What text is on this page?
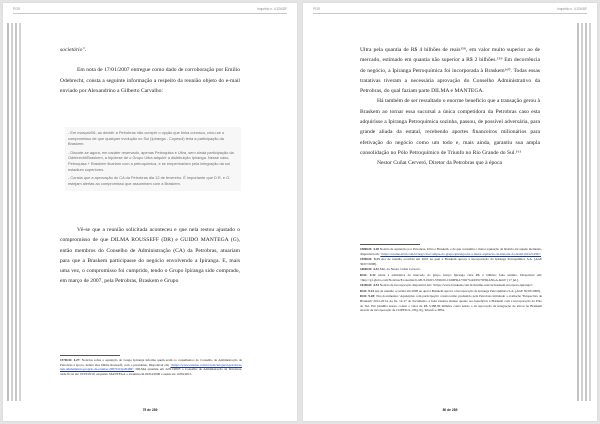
PGR	Inquérito n. 4.326/DF

societário".

Em nota de 17/01/2007 entregue como dado de corroboração por Emílio Odebrecht, consta a seguinte informação a respeito da reunião objeto do e-mail enviado por Alexandrino a Gilberto Carvalho:

- Em marços/06, ao decidir a Petrobras não cumprir o opção que tinha conosco, criou-se o compromisso de que qualquer evolução no Sul (Ipiranga - Copesul) teria a participação da Braskem.

- Discute-se agora, em caráter reservado, apenas Petroquisa e Ultra, sem ainda participação da Odebrecht/Braskem, a hipótese de o Grupo Ultra adquirir a distribuição Ipiranga. Nesse caso, Petroquisa + Braskem ficariam com a petroquímica, e se empenhariam pela integração da sul estadium superiores.

- Consta que a aprovação do CA da Petrobras dia 12 de fevereiro. É importante que D.R. e G. estejam alertas ao compromisso que assumiram com a Braskem.

Vê-se que a reunião solicitada aconteceu e que nela restou ajustado o compromisso de que DILMA ROUSSEFF (DR) e GUIDO MANTEGA (G), então membros do Conselho de Administração (CA) da Petrobras, atuariam para que a Braskem participasse do negócio envolvendo a Ipiranga. E, mais uma vez, o compromisso foi cumprido, tendo o Grupo Ipiranga sido comprado, em março de 2007, pela Petrobras, Braskem e Grupo

157DOC 4.27: Notícias sobre a aquisição do Grupo Ipiranga informa quem eram os conselheiros do Conselho de Administração da Petrobras à época, dentre eles Dilma Rousseff, com o presidente, Disponível em: <https://www.estadao.com.br/noticias/geral,petrobras-tem-alinhamento-proprio-da-reuniao,20070110p20469> DILMA assumiu em 22/01/2003 o Conselho de Administração da Petrobras, onde ficou até 19/03/2010, enquanto MANTEGA o assumiu em 09/04/2006 e assim até 14/09/2015.

75 de 289
PGR	Inquérito n. 4.326/DF

Ultra pela quantia de R$ 4 bilhões de reais¹⁵⁸, em valor muito superior ao de mercado, estimado em quantia não superior a R$ 2 bilhões.¹⁵⁹ Em decorrência do negócio, a Ipiranga Petroquímica foi incorporada à Braskem¹⁶⁰. Todas essas tratativas tiveram a necessária aprovação do Conselho Administrativo da Petrobras, do qual faziam parte DILMA e MANTEGA.

Há também de ser ressaltado o enorme benefício que a transação gerou à Braskem ao tornar essa sucursal a única competidora da Petrobras caso esta adquirisse a Ipiranga Petroquímica sozinha, passou, de possível adversária, para grande aliada da estatal, recebendo aportes financeiros milionários para efetivação do negócio como um todo e, mais ainda, garantiu sua ampla consolidação no Pólo Petroquímico de Triunfo no Rio Grande do Sul.¹⁶¹

Nestor Cuñat Cerveró, Diretor da Petrobras que à época

158DOC 4.28 Notícia da aquisição por Petrobras, Ultra e Braskem, e de que consumiu o maior aquisição da história até aquele momento, disponível em: <https://exame.abril.com.br/negocios/compra-do-grupo-ipiranga-foi-a-maior-aquisicao-da-historia-do-brasil-m0121439/>

159DOC 9.23 Ata de reunião ocorrida em 2010 na qual a Braskem aprova a incorporação da Ipiranga Petroquímica S.A. (AGE 30/07/2008).

160DOC 4.32 Mat. da Nestor Cuñat Cerveró.

DOC 4.32 relata a estimativa de mercado do grupo Grupo Ipiranga cabe R$ 2 bilhões; falta sentido. Disponível em: <http://g1.globo.com/Noticias/Economia/0,,MUL19453-5599,00-COMPRA+DO+GRUPO+IPIRANGA.html> [17 jul.].

161DOC 4.33 Notícia da incorporação disponível em: <https://www.braskem.com.br/detalhe-noticia/braskem-incorpora-ipiranga>.

DOC 9.23 Ata de reunião ocorrida em 2008 na qual a Braskem aprova a incorporação da Ipiranga Petroquímica S.A. (AGE 30/03/2008).

DOC 9.28: Nos documentos 'Aquisições com participação' consta termo produzido pela Petrobras intitulado a avaliação 'Perspectiva da Braskem' 2012-2014. As fls. 14-17 do documento, é feita extensa síntese quanto aos benefícios à Braskem com a incorporação do Pólo do Sul. Em planilha anexa, consta o valor de R$ 3.388,99 milhões como sendo o da aprovação da integração de ativos na Braskem através da incorporação de COPESUL, IPQ, IQ, Triunfo e IPPA.

80 de 289
